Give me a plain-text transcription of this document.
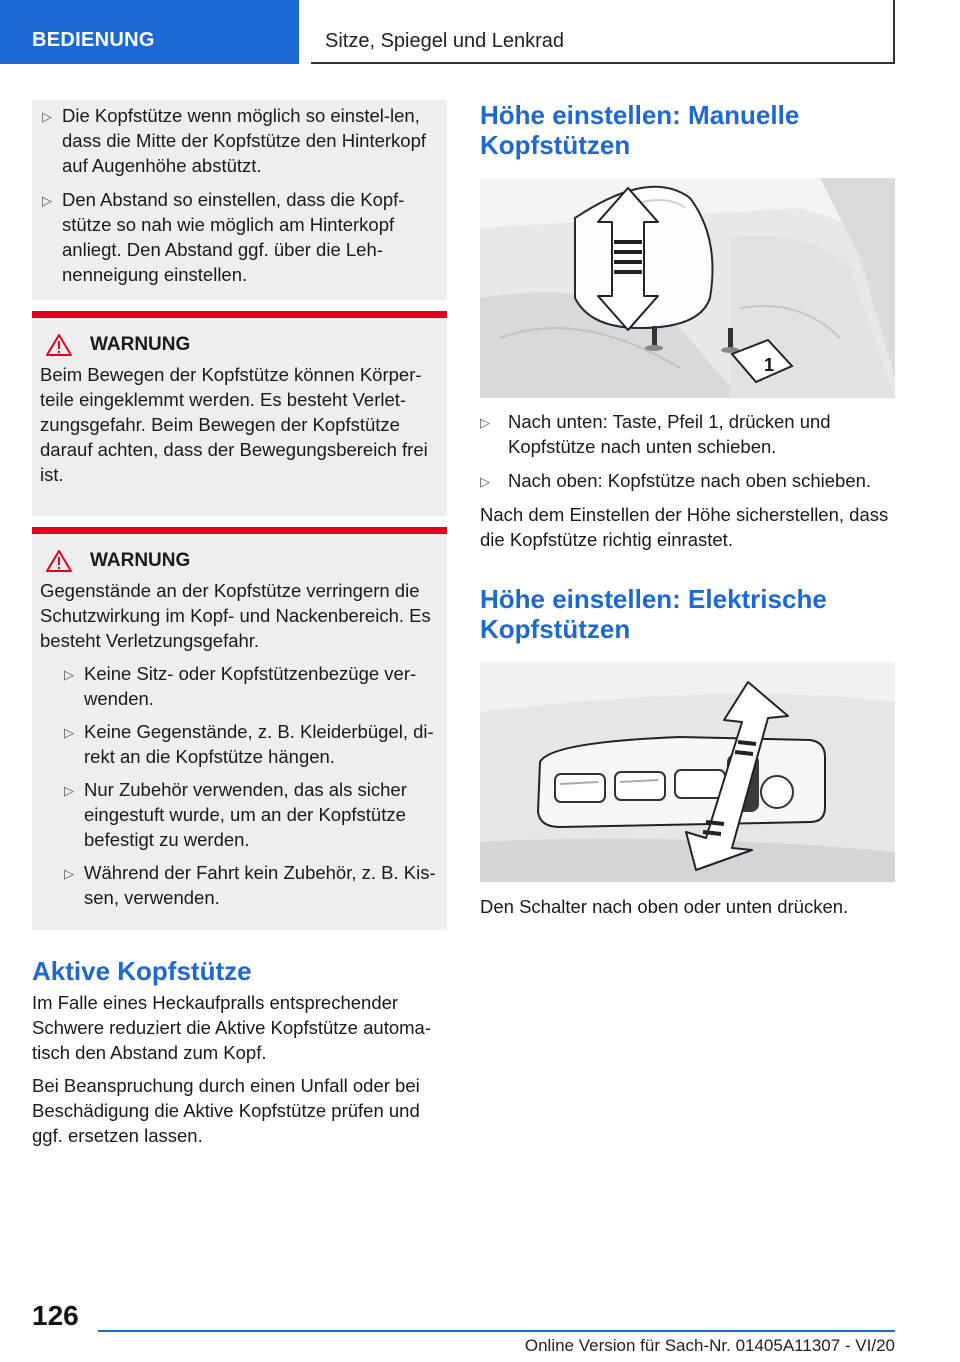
BEDIENUNG	Sitze, Spiegel und Lenkrad
▷ Die Kopfstütze wenn möglich so einstel-len, dass die Mitte der Kopfstütze den Hinterkopf auf Augenhöhe abstützt.
▷ Den Abstand so einstellen, dass die Kopf-stütze so nah wie möglich am Hinterkopf anliegt. Den Abstand ggf. über die Leh-nenneigung einstellen.
WARNUNG

Beim Bewegen der Kopfstütze können Körper-teile eingeklemmt werden. Es besteht Verlet-zungsgefahr. Beim Bewegen der Kopfstütze darauf achten, dass der Bewegungsbereich frei ist.

WARNUNG

Gegenstände an der Kopfstütze verringern die Schutzwirkung im Kopf- und Nackenbereich. Es besteht Verletzungsgefahr.

▷ Keine Sitz- oder Kopfstützenbezüge ver-wenden.
▷ Keine Gegenstände, z. B. Kleiderbügel, di-rekt an die Kopfstütze hängen.
▷ Nur Zubehör verwenden, das als sicher eingestuft wurde, um an der Kopfstütze befestigt zu werden.
▷ Während der Fahrt kein Zubehör, z. B. Kis-sen, verwenden.
Aktive Kopfstütze

Im Falle eines Heckaufpralls entsprechender Schwere reduziert die Aktive Kopfstütze automa-tisch den Abstand zum Kopf.

Bei Beanspruchung durch einen Unfall oder bei Beschädigung die Aktive Kopfstütze prüfen und ggf. ersetzen lassen.

Höhe einstellen: Manuelle Kopfstützen
1
▷ Nach unten: Taste, Pfeil 1, drücken und Kopfstütze nach unten schieben.
▷ Nach oben: Kopfstütze nach oben schieben.

Nach dem Einstellen der Höhe sicherstellen, dass die Kopfstütze richtig einrastet.

Höhe einstellen: Elektrische Kopfstützen

Den Schalter nach oben oder unten drücken.

126
Online Version für Sach-Nr. 01405A11307 - VI/20
